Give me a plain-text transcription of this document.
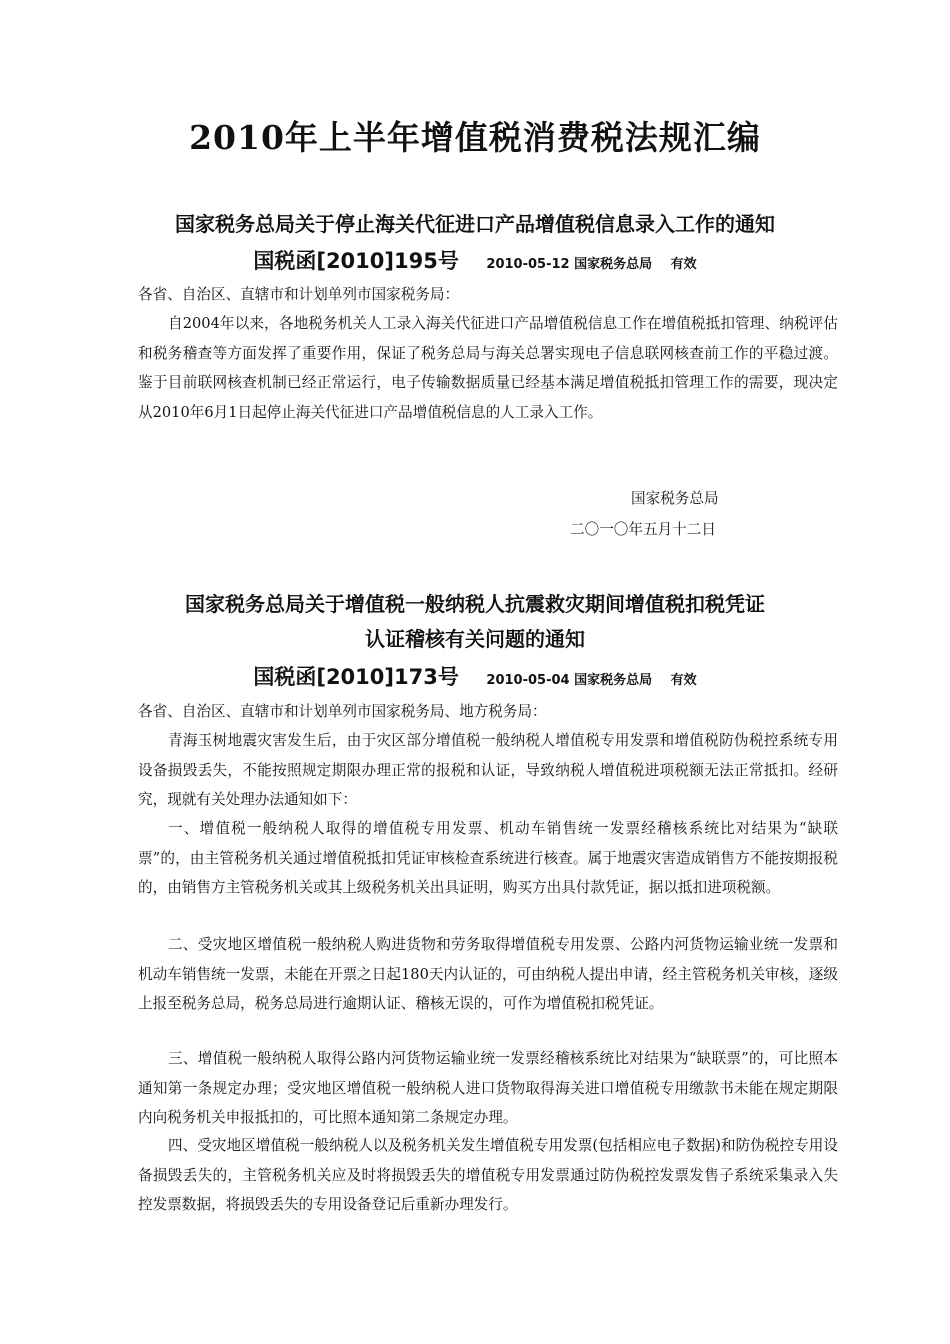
2010年上半年增值税消费税法规汇编
国家税务总局关于停止海关代征进口产品增值税信息录入工作的通知
国税函[2010]195号 2010-05-12 国家税务总局 有效

各省、自治区、直辖市和计划单列市国家税务局：

自2004年以来，各地税务机关人工录入海关代征进口产品增值税信息工作在增值税抵扣管理、纳税评估和税务稽查等方面发挥了重要作用，保证了税务总局与海关总署实现电子信息联网核查前工作的平稳过渡。鉴于目前联网核查机制已经正常运行，电子传输数据质量已经基本满足增值税抵扣管理工作的需要，现决定从2010年6月1日起停止海关代征进口产品增值税信息的人工录入工作。

国家税务总局

二〇一〇年五月十二日

国家税务总局关于增值税一般纳税人抗震救灾期间增值税扣税凭证
认证稽核有关问题的通知
国税函[2010]173号 2010-05-04 国家税务总局 有效

各省、自治区、直辖市和计划单列市国家税务局、地方税务局：

青海玉树地震灾害发生后，由于灾区部分增值税一般纳税人增值税专用发票和增值税防伪税控系统专用设备损毁丢失，不能按照规定期限办理正常的报税和认证，导致纳税人增值税进项税额无法正常抵扣。经研究，现就有关处理办法通知如下：

一、增值税一般纳税人取得的增值税专用发票、机动车销售统一发票经稽核系统比对结果为“缺联票”的，由主管税务机关通过增值税抵扣凭证审核检查系统进行核查。属于地震灾害造成销售方不能按期报税的，由销售方主管税务机关或其上级税务机关出具证明，购买方出具付款凭证，据以抵扣进项税额。

二、受灾地区增值税一般纳税人购进货物和劳务取得增值税专用发票、公路内河货物运输业统一发票和机动车销售统一发票，未能在开票之日起180天内认证的，可由纳税人提出申请，经主管税务机关审核，逐级上报至税务总局，税务总局进行逾期认证、稽核无误的，可作为增值税扣税凭证。

三、增值税一般纳税人取得公路内河货物运输业统一发票经稽核系统比对结果为“缺联票”的，可比照本通知第一条规定办理；受灾地区增值税一般纳税人进口货物取得海关进口增值税专用缴款书未能在规定期限内向税务机关申报抵扣的，可比照本通知第二条规定办理。

四、受灾地区增值税一般纳税人以及税务机关发生增值税专用发票(包括相应电子数据)和防伪税控专用设备损毁丢失的，主管税务机关应及时将损毁丢失的增值税专用发票通过防伪税控发票发售子系统采集录入失控发票数据，将损毁丢失的专用设备登记后重新办理发行。
